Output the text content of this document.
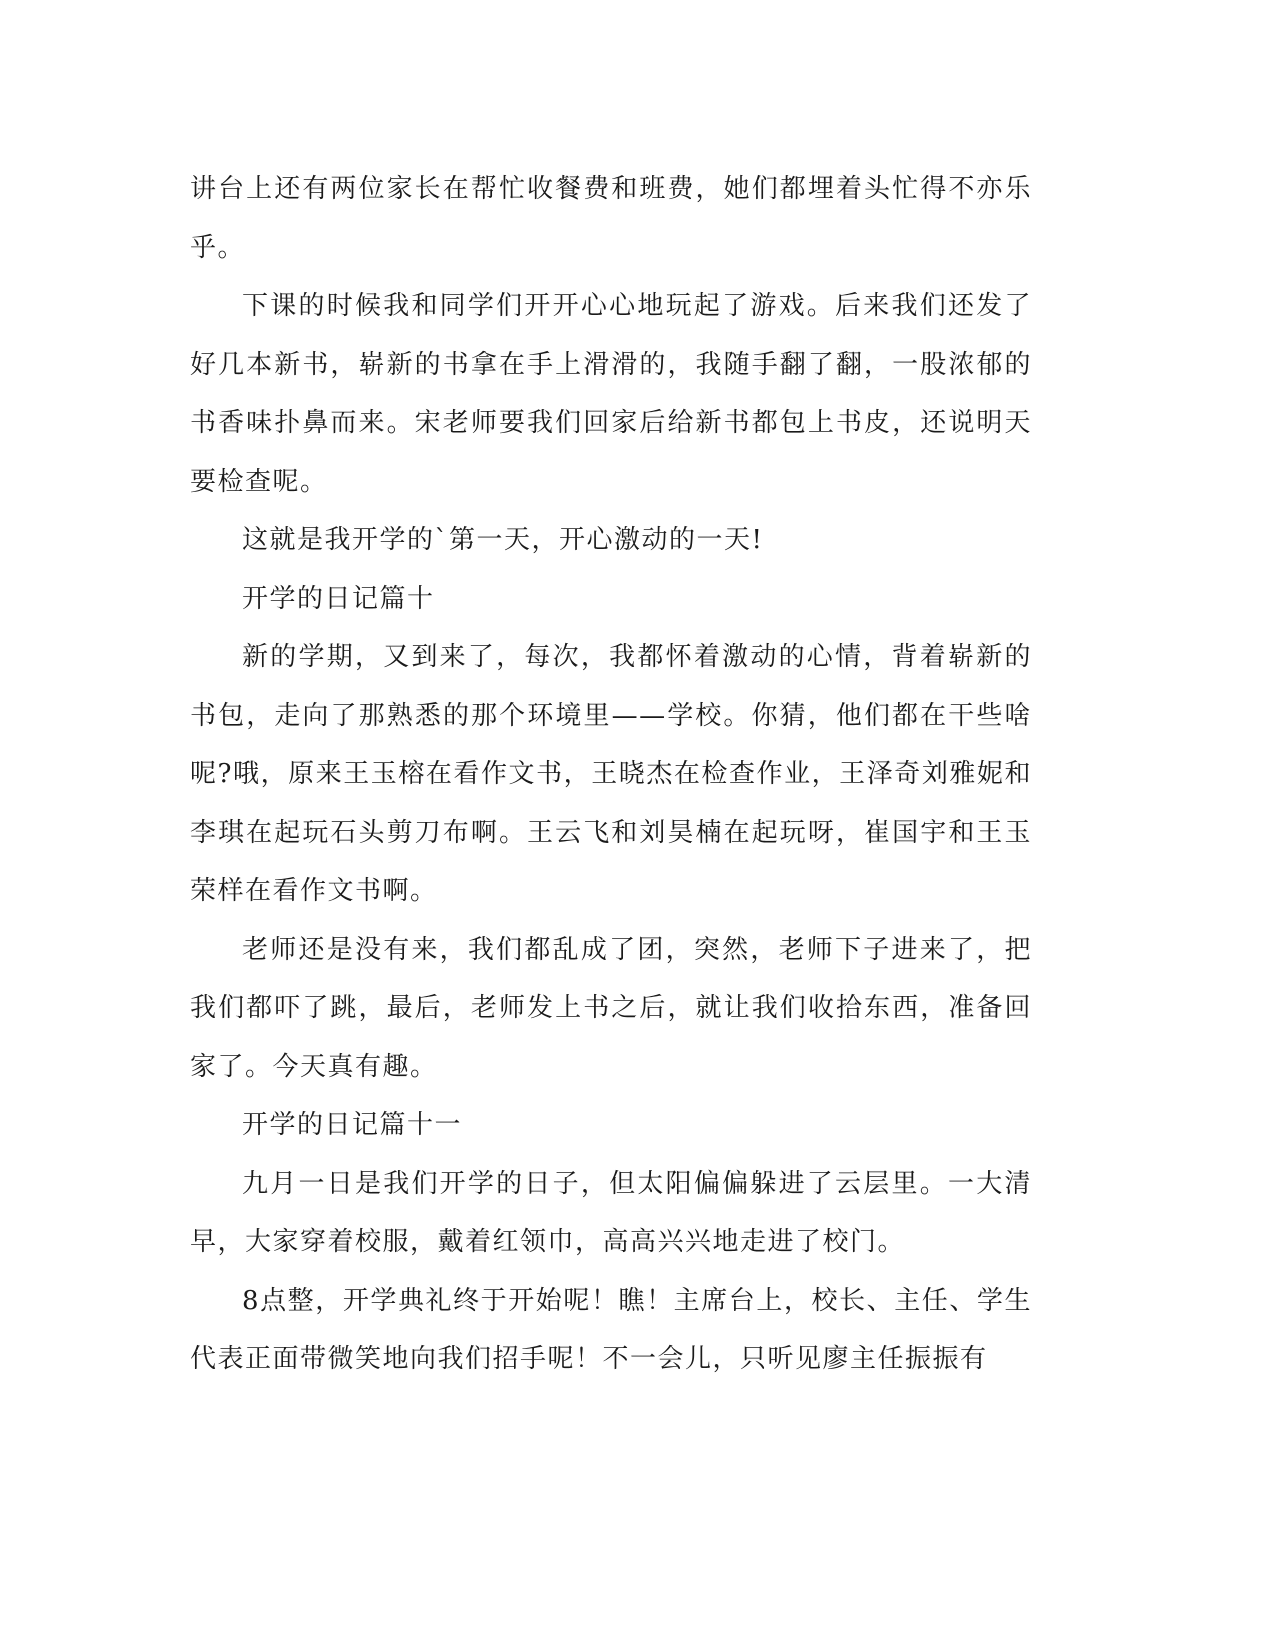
讲台上还有两位家长在帮忙收餐费和班费，她们都埋着头忙得不亦乐乎。

下课的时候我和同学们开开心心地玩起了游戏。后来我们还发了好几本新书，崭新的书拿在手上滑滑的，我随手翻了翻，一股浓郁的书香味扑鼻而来。宋老师要我们回家后给新书都包上书皮，还说明天要检查呢。

这就是我开学的`第一天，开心激动的一天!

开学的日记篇十

新的学期，又到来了，每次，我都怀着激动的心情，背着崭新的书包，走向了那熟悉的那个环境里——学校。你猜，他们都在干些啥呢?哦，原来王玉榕在看作文书，王晓杰在检查作业，王泽奇刘雅妮和李琪在起玩石头剪刀布啊。王云飞和刘昊楠在起玩呀，崔国宇和王玉荣样在看作文书啊。

老师还是没有来，我们都乱成了团，突然，老师下子进来了，把我们都吓了跳，最后，老师发上书之后，就让我们收拾东西，准备回家了。今天真有趣。

开学的日记篇十一

九月一日是我们开学的日子，但太阳偏偏躲进了云层里。一大清早，大家穿着校服，戴着红领巾，高高兴兴地走进了校门。

8点整，开学典礼终于开始呢！瞧！主席台上，校长、主任、学生代表正面带微笑地向我们招手呢！不一会儿，只听见廖主任振振有
